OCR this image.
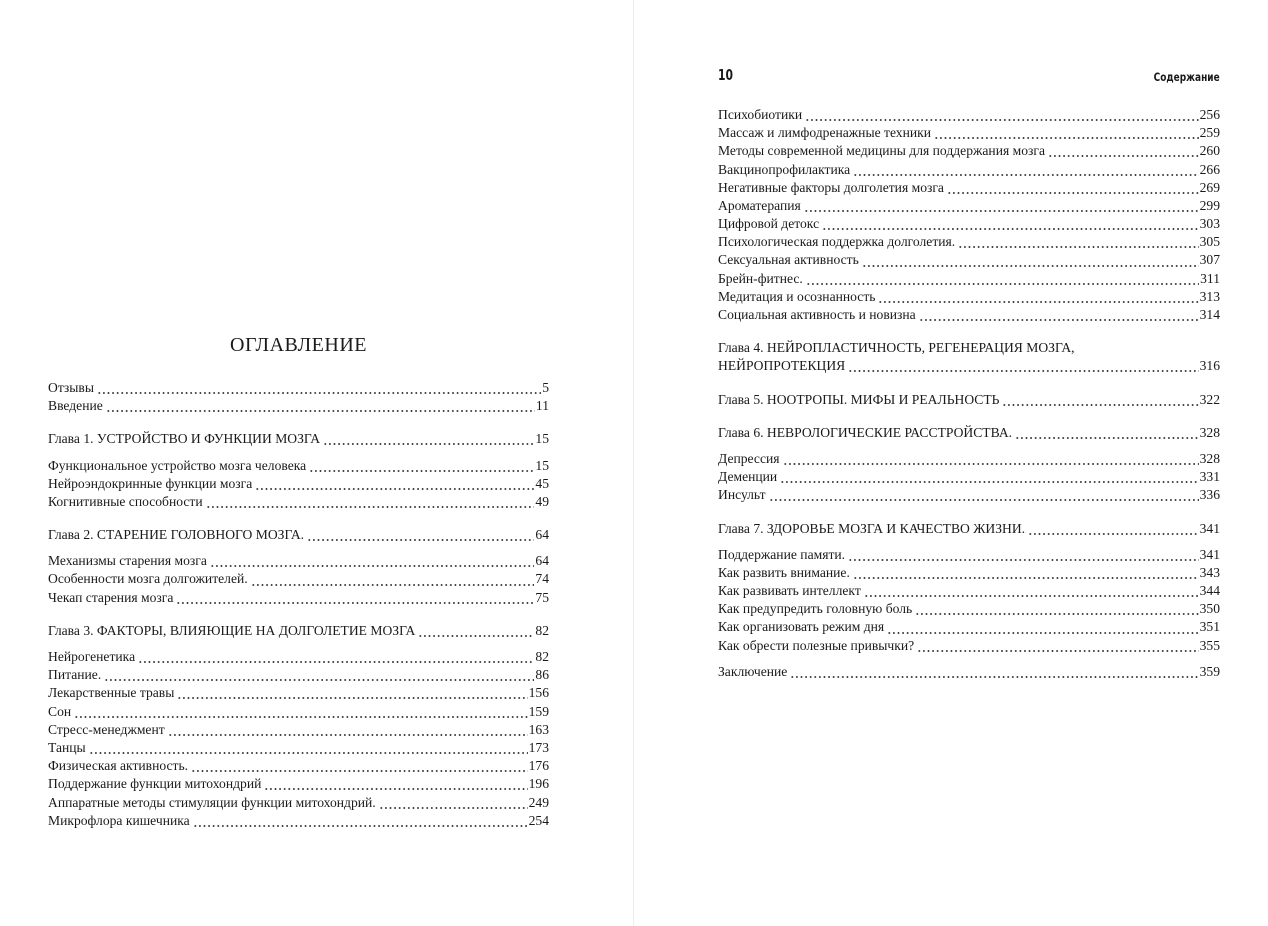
ОГЛАВЛЕНИЕ
Отзывы	5
Введение	11
Глава 1. УСТРОЙСТВО И ФУНКЦИИ МОЗГА	15
Функциональное устройство мозга человека	15
Нейроэндокринные функции мозга	45
Когнитивные способности	49
Глава 2. СТАРЕНИЕ ГОЛОВНОГО МОЗГА.	64
Механизмы старения мозга	64
Особенности мозга долгожителей.	74
Чекап старения мозга	75
Глава 3. ФАКТОРЫ, ВЛИЯЮЩИЕ НА ДОЛГОЛЕТИЕ МОЗГА	82
Нейрогенетика	82
Питание.	86
Лекарственные травы	156
Сон	159
Стресс-менеджмент	163
Танцы	173
Физическая активность.	176
Поддержание функции митохондрий	196
Аппаратные методы стимуляции функции митохондрий.	249
Микрофлора кишечника	254
10	Содержание
Психобиотики	256
Массаж и лимфодренажные техники	259
Методы современной медицины для поддержания мозга	260
Вакцинопрофилактика	266
Негативные факторы долголетия мозга	269
Ароматерапия	299
Цифровой детокс	303
Психологическая поддержка долголетия.	305
Сексуальная активность	307
Брейн-фитнес.	311
Медитация и осознанность	313
Социальная активность и новизна	314
Глава 4. НЕЙРОПЛАСТИЧНОСТЬ, РЕГЕНЕРАЦИЯ МОЗГА,
НЕЙРОПРОТЕКЦИЯ	316
Глава 5. НООТРОПЫ. МИФЫ И РЕАЛЬНОСТЬ	322
Глава 6. НЕВРОЛОГИЧЕСКИЕ РАССТРОЙСТВА.	328
Депрессия	328
Деменции	331
Инсульт	336
Глава 7. ЗДОРОВЬЕ МОЗГА И КАЧЕСТВО ЖИЗНИ.	341
Поддержание памяти.	341
Как развить внимание.	343
Как развивать интеллект	344
Как предупредить головную боль	350
Как организовать режим дня	351
Как обрести полезные привычки?	355
Заключение	359
